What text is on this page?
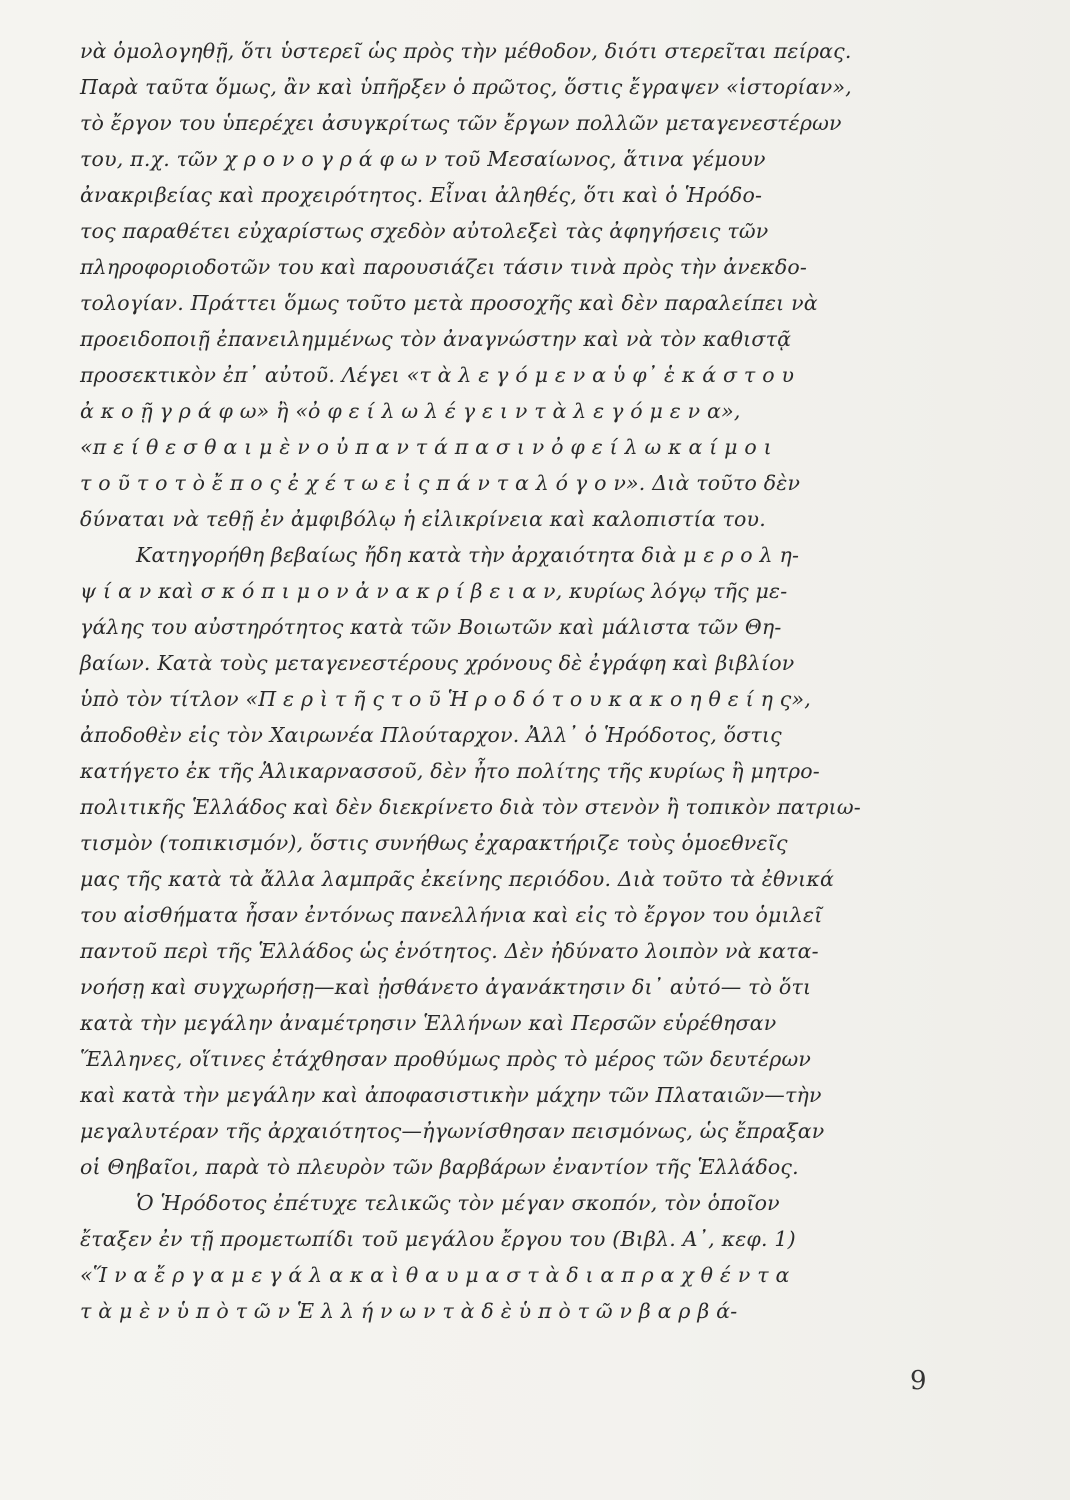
νὰ ὁμολογηθῇ, ὅτι ὑστερεῖ ὡς πρὸς τὴν μέθοδον, διότι στερεῖται πείρας.
Παρὰ ταῦτα ὅμως, ἂν καὶ ὑπῆρξεν ὁ πρῶτος, ὅστις ἔγραψεν «ἱστορίαν»,
τὸ ἔργον του ὑπερέχει ἀσυγκρίτως τῶν ἔργων πολλῶν μεταγενεστέρων
του, π.χ. τῶν χ ρ ο ν ο γ ρ ά φ ω ν τοῦ Μεσαίωνος, ἅτινα γέμουν
ἀνακριβείας καὶ προχειρότητος. Εἶναι ἀληθές, ὅτι καὶ ὁ Ἡρόδο-
τος παραθέτει εὐχαρίστως σχεδὸν αὐτολεξεὶ τὰς ἀφηγήσεις τῶν
πληροφοριοδοτῶν του καὶ παρουσιάζει τάσιν τινὰ πρὸς τὴν ἀνεκδο-
τολογίαν. Πράττει ὅμως τοῦτο μετὰ προσοχῆς καὶ δὲν παραλείπει νὰ
προειδοποιῇ ἐπανειλημμένως τὸν ἀναγνώστην καὶ νὰ τὸν καθιστᾷ
προσεκτικὸν ἐπ᾿ αὐτοῦ. Λέγει «τ ὰ λ ε γ ό μ ε ν α ὑ φ᾿ ἑ κ ά σ τ ο υ
ἀ κ ο ῇ γ ρ ά φ ω» ἢ «ὀ φ ε ί λ ω λ έ γ ε ι ν τ ὰ λ ε γ ό μ ε ν α»,
«π ε ί θ ε σ θ α ι μ ὲ ν ο ὐ π α ν τ ά π α σ ι ν ὀ φ ε ί λ ω κ α ί μ ο ι
τ ο ῦ τ ο τ ὸ ἔ π ο ς ἐ χ έ τ ω ε ἰ ς π ά ν τ α λ ό γ ο ν». Διὰ τοῦτο δὲν
δύναται νὰ τεθῇ ἐν ἀμφιβόλῳ ἡ εἰλικρίνεια καὶ καλοπιστία του.
Κατηγορήθη βεβαίως ἤδη κατὰ τὴν ἀρχαιότητα διὰ μ ε ρ ο λ η-
ψ ί α ν καὶ σ κ ό π ι μ ο ν ἀ ν α κ ρ ί β ε ι α ν, κυρίως λόγῳ τῆς με-
γάλης του αὐστηρότητος κατὰ τῶν Βοιωτῶν καὶ μάλιστα τῶν Θη-
βαίων. Κατὰ τοὺς μεταγενεστέρους χρόνους δὲ ἐγράφη καὶ βιβλίον
ὑπὸ τὸν τίτλον «Π ε ρ ὶ τ ῆ ς τ ο ῦ Ἡ ρ ο δ ό τ ο υ κ α κ ο η θ ε ί η ς»,
ἀποδοθὲν εἰς τὸν Χαιρωνέα Πλούταρχον. Ἀλλ᾿ ὁ Ἡρόδοτος, ὅστις
κατήγετο ἐκ τῆς Ἁλικαρνασσοῦ, δὲν ἦτο πολίτης τῆς κυρίως ἢ μητρο-
πολιτικῆς Ἑλλάδος καὶ δὲν διεκρίνετο διὰ τὸν στενὸν ἢ τοπικὸν πατριω-
τισμὸν (τοπικισμόν), ὅστις συνήθως ἐχαρακτήριζε τοὺς ὁμοεθνεῖς
μας τῆς κατὰ τὰ ἄλλα λαμπρᾶς ἐκείνης περιόδου. Διὰ τοῦτο τὰ ἐθνικά
του αἰσθήματα ἦσαν ἐντόνως πανελλήνια καὶ εἰς τὸ ἔργον του ὁμιλεῖ
παντοῦ περὶ τῆς Ἑλλάδος ὡς ἑνότητος. Δὲν ἠδύνατο λοιπὸν νὰ κατα-
νοήσῃ καὶ συγχωρήσῃ—καὶ ᾐσθάνετο ἀγανάκτησιν δι᾿ αὐτό— τὸ ὅτι
κατὰ τὴν μεγάλην ἀναμέτρησιν Ἑλλήνων καὶ Περσῶν εὑρέθησαν
Ἕλληνες, οἵτινες ἐτάχθησαν προθύμως πρὸς τὸ μέρος τῶν δευτέρων
καὶ κατὰ τὴν μεγάλην καὶ ἀποφασιστικὴν μάχην τῶν Πλαταιῶν—τὴν
μεγαλυτέραν τῆς ἀρχαιότητος—ἠγωνίσθησαν πεισμόνως, ὡς ἔπραξαν
οἱ Θηβαῖοι, παρὰ τὸ πλευρὸν τῶν βαρβάρων ἐναντίον τῆς Ἑλλάδος.
Ὁ Ἡρόδοτος ἐπέτυχε τελικῶς τὸν μέγαν σκοπόν, τὸν ὁποῖον
ἔταξεν ἐν τῇ προμετωπίδι τοῦ μεγάλου ἔργου του (Βιβλ. Α᾿, κεφ. 1)
«Ἵ ν α ἔ ρ γ α μ ε γ ά λ α κ α ὶ θ α υ μ α σ τ ὰ δ ι α π ρ α χ θ έ ν τ α
τ ὰ μ ὲ ν ὑ π ὸ τ ῶ ν Ἑ λ λ ή ν ω ν τ ὰ δ ὲ ὑ π ὸ τ ῶ ν β α ρ β ά-
9
